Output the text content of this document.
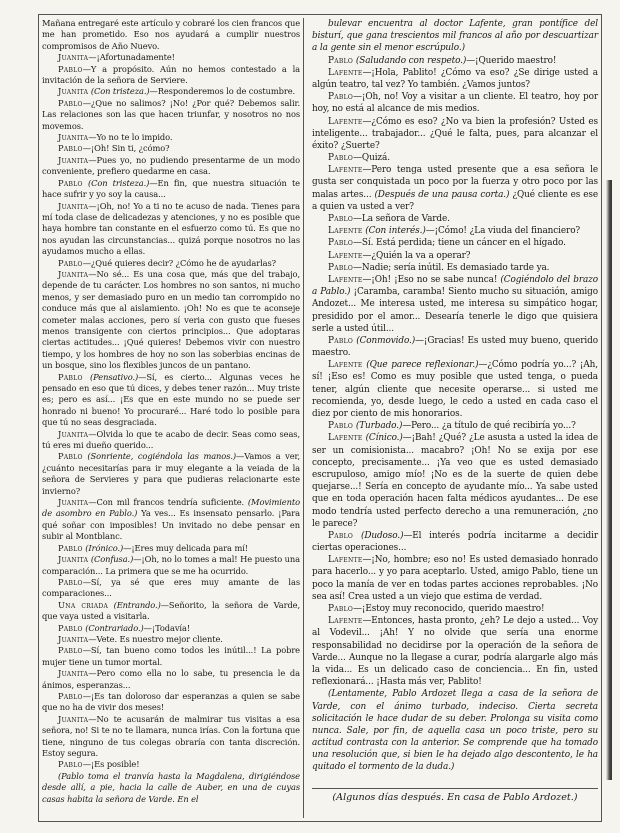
Mañana entregaré este artículo y cobraré los cien francos que me han prometido. Eso nos ayudará a cumplir nuestros compromisos de Año Nuevo.

Juanita—¡Afortunadamente!

Pablo—Y a propósito. Aún no hemos contestado a la invitación de la señora de Serviere.

Juanita (Con tristeza.)—Responderemos lo de costumbre.

Pablo—¿Que no salimos? ¡No! ¿Por qué? Debemos salir. Las relaciones son las que hacen triunfar, y nosotros no nos movemos.

Juanita—Yo no te lo impido.

Pablo—¡Oh! Sin ti, ¿cómo?

Juanita—Pues yo, no pudiendo presentarme de un modo conveniente, prefiero quedarme en casa.

Pablo (Con tristeza.)—En fin, que nuestra situación te hace sufrir y yo soy la causa...

Juanita—¡Oh, no! Yo a ti no te acuso de nada. Tienes para mí toda clase de delicadezas y atenciones, y no es posible que haya hombre tan constante en el esfuerzo como tú. Es que no nos ayudan las circunstancias... quizá porque nosotros no las ayudamos mucho a ellas.

Pablo—¿Qué quieres decir? ¿Cómo he de ayudarlas?

Juanita—No sé... Es una cosa que, más que del trabajo, depende de tu carácter. Los hombres no son santos, ni mucho menos, y ser demasiado puro en un medio tan corrompido no conduce más que al aislamiento. ¡Oh! No es que te aconseje cometer malas acciones, pero sí veria con gusto que fueses menos transigente con ciertos principios... Que adoptaras ciertas actitudes... ¡Qué quieres! Debemos vivir con nuestro tiempo, y los hombres de hoy no son las soberbias encinas de un bosque, sino los flexibles juncos de un pantano.

Pablo (Pensativo.)—Sí, es cierto... Algunas veces he pensado en eso que tú dices, y debes tener razón... Muy triste es; pero es así... ¡Es que en este mundo no se puede ser honrado ni bueno! Yo procuraré... Haré todo lo posible para que tú no seas desgraciada.

Juanita—Olvida lo que te acabo de decir. Seas como seas, tú eres mi dueño querido...

Pablo (Sonriente, cogiéndola las manos.)—Vamos a ver, ¿cuánto necesitarías para ir muy elegante a la veiada de la señora de Servieres y para que pudieras relacionarte este invierno?

Juanita—Con mil francos tendría suficiente. (Movimiento de asombro en Pablo.) Ya ves... Es insensato pensarlo. ¡Para qué soñar con imposibles! Un invitado no debe pensar en subir al Montblanc.

Pablo (Irónico.)—¡Eres muy delicada para mí!

Juanita (Confusa.)—¡Oh, no lo tomes a mal! He puesto una comparación... La primera que se me ha ocurrido.

Pablo—Sí, ya sé que eres muy amante de las comparaciones...

Una criada (Entrando.)—Señorito, la señora de Varde, que vaya usted a visitarla.

Pablo (Contrariado.)—¡Todavía!

Juanita—Vete. Es nuestro mejor cliente.

Pablo—Sí, tan bueno como todos les inútil...! La pobre mujer tiene un tumor mortal.

Juanita—Pero como ella no lo sabe, tu presencia le da ánimos, esperanzas...

Pablo—¡Es tan doloroso dar esperanzas a quien se sabe que no ha de vivir dos meses!

Juanita—No te acusarán de malmirar tus visitas a esa señora, no! Si te no te llamara, nunca irías. Con la fortuna que tiene, ninguno de tus colegas obraría con tanta discreción. Estoy segura.

Pablo—¡Es posible!

(Pablo toma el tranvía hasta la Magdalena, dirigiéndose desde allí, a pie, hacia la calle de Auber, en una de cuyas casas habita la señora de Varde. En el

bulevar encuentra al doctor Lafente, gran pontífice del bisturí, que gana trescientos mil francos al año por descuartizar a la gente sin el menor escrúpulo.)

Pablo (Saludando con respeto.)—¡Querido maestro!

Lafente—¡Hola, Pablito! ¿Cómo va eso? ¿Se dirige usted a algún teatro, tal vez? Yo también. ¿Vamos juntos?

Pablo—¡Oh, no! Voy a visitar a un cliente. El teatro, hoy por hoy, no está al alcance de mis medios.

Lafente—¿Cómo es eso? ¿No va bien la profesión? Usted es inteligente... trabajador... ¿Qué le falta, pues, para alcanzar el éxito? ¿Suerte?

Pablo—Quizá.

Lafente—Pero tenga usted presente que a esa señora le gusta ser conquistada un poco por la fuerza y otro poco por las malas artes... (Después de una pausa corta.) ¿Qué cliente es ese a quien va usted a ver?

Pablo—La señora de Varde.

Lafente (Con interés.)—¡Cómo! ¿La viuda del financiero?

Pablo—Sí. Está perdida; tiene un cáncer en el hígado.

Lafente—¿Quién la va a operar?

Pablo—Nadie; sería inútil. Es demasiado tarde ya.

Lafente—¡Oh! ¡Eso no se sabe nunca! (Cogiéndolo del brazo a Pablo.) ¡Caramba, caramba! Siento mucho su situación, amigo Andozet... Me interesa usted, me interesa su simpático hogar, presidido por el amor... Desearía tenerle le digo que quisiera serle a usted útil...

Pablo (Conmovido.)—¡Gracias! Es usted muy bueno, querido maestro.

Lafente (Que parece reflexionar.)—¿Cómo podría yo...? ¡Ah, sí! ¡Eso es! Como es muy posible que usted tenga, o pueda tener, algún cliente que necesite operarse... si usted me recomienda, yo, desde luego, le cedo a usted en cada caso el diez por ciento de mis honorarios.

Pablo (Turbado.)—Pero... ¿a título de qué recibiría yo...?

Lafente (Cínico.)—¡Bah! ¿Qué? ¿Le asusta a usted la idea de ser un comisionista... macabro? ¡Oh! No se exija por ese concepto, precisamente... ¡Ya veo que es usted demasiado escrupuloso, amigo mío! ¡No es de la suerte de quien debe quejarse...! Sería en concepto de ayudante mío... Ya sabe usted que en toda operación hacen falta médicos ayudantes... De ese modo tendría usted perfecto derecho a una remuneración, ¿no le parece?

Pablo (Dudoso.)—El interés podría incitarme a decidir ciertas operaciones...

Lafente—¡No, hombre; eso no! Es usted demasiado honrado para hacerlo... y yo para aceptarlo. Usted, amigo Pablo, tiene un poco la manía de ver en todas partes acciones reprobables. ¡No sea así! Crea usted a un viejo que estima de verdad.

Pablo—¡Estoy muy reconocido, querido maestro!

Lafente—Entonces, hasta pronto, ¿eh? Le dejo a usted... Voy al Vodevil... ¡Ah! Y no olvide que sería una enorme responsabilidad no decidirse por la operación de la señora de Varde... Aunque no la llegase a curar, podría alargarle algo más la vida... Es un delicado caso de conciencia... En fin, usted reflexionará... ¡Hasta más ver, Pablito!

(Lentamente, Pablo Ardozet llega a casa de la señora de Varde, con el ánimo turbado, indeciso. Cierta secreta solicitación le hace dudar de su deber. Prolonga su visita como nunca. Sale, por fin, de aquella casa un poco triste, pero su actitud contrasta con la anterior. Se comprende que ha tomado una resolución que, si bien le ha dejado algo descontento, le ha quitado el tormento de la duda.)

(Algunos días después. En casa de Pablo Ardozet.)
